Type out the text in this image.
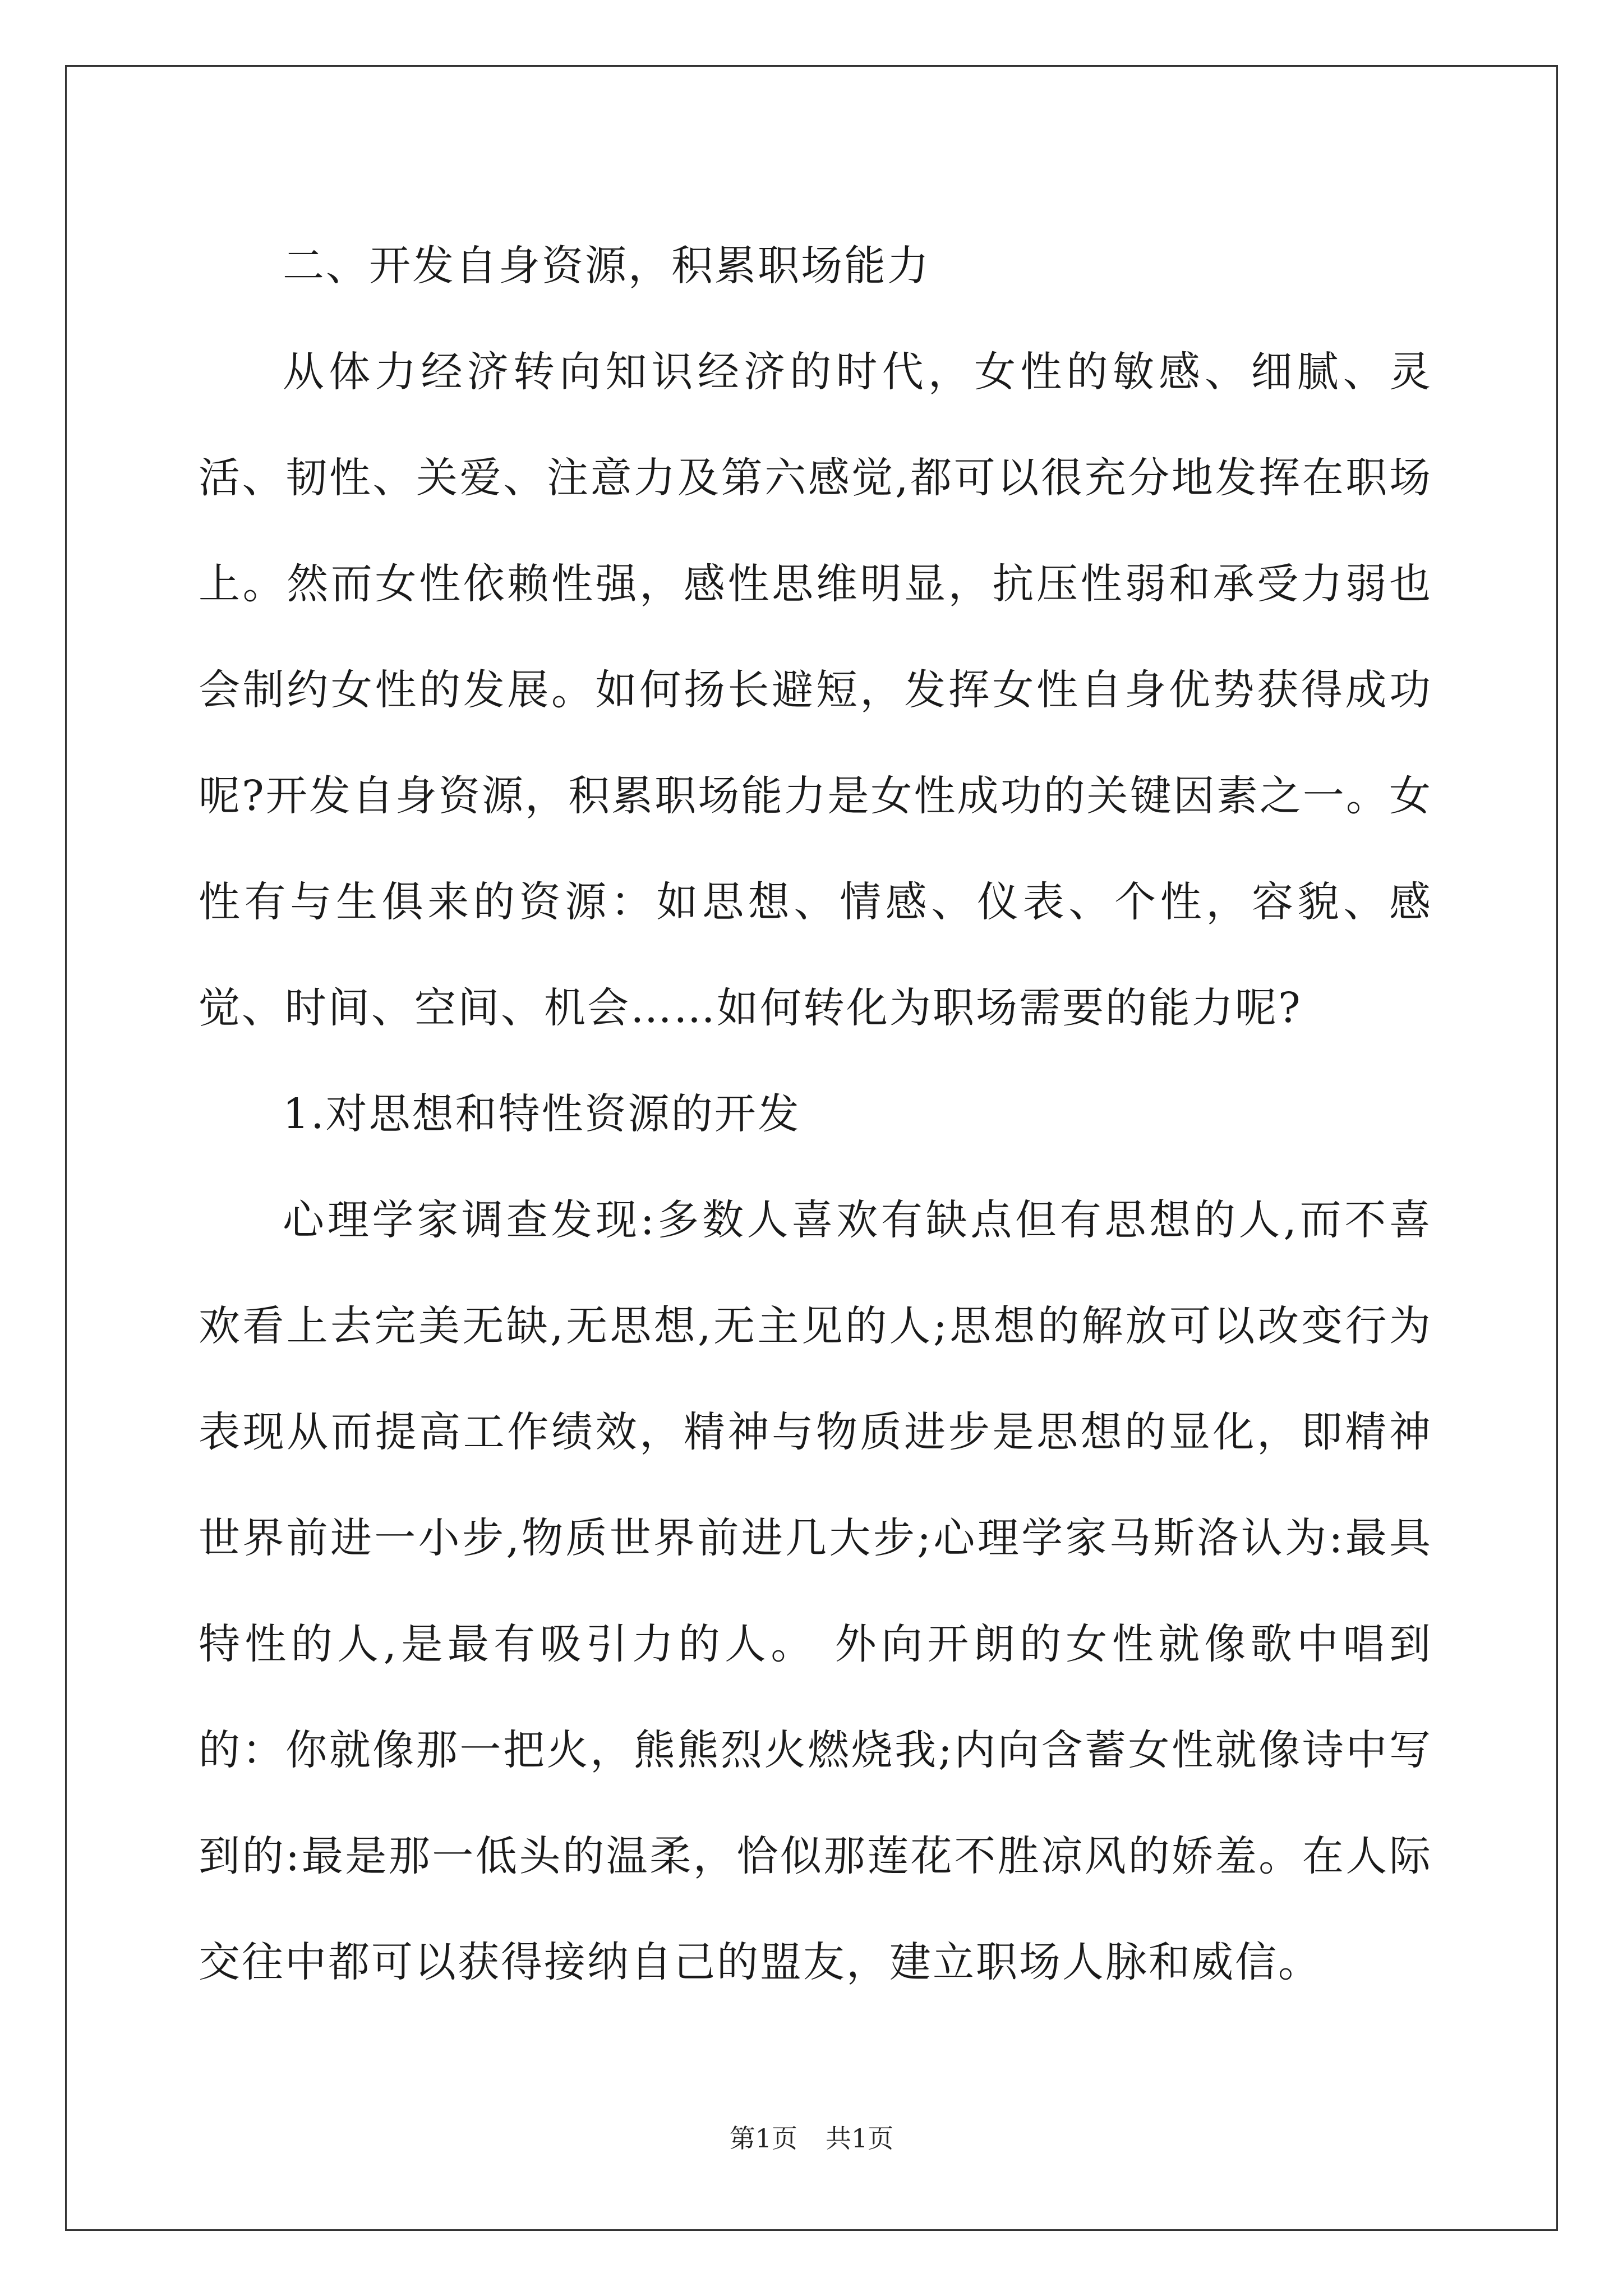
二、开发自身资源，积累职场能力

从体力经济转向知识经济的时代，女性的敏感、细腻、灵活、韧性、关爱、注意力及第六感觉,都可以很充分地发挥在职场上。然而女性依赖性强，感性思维明显，抗压性弱和承受力弱也会制约女性的发展。如何扬长避短，发挥女性自身优势获得成功呢?开发自身资源，积累职场能力是女性成功的关键因素之一。女性有与生俱来的资源：如思想、情感、仪表、个性，容貌、感觉、时间、空间、机会……如何转化为职场需要的能力呢?

1.对思想和特性资源的开发

心理学家调查发现:多数人喜欢有缺点但有思想的人,而不喜欢看上去完美无缺,无思想,无主见的人;思想的解放可以改变行为表现从而提高工作绩效，精神与物质进步是思想的显化，即精神世界前进一小步,物质世界前进几大步;心理学家马斯洛认为:最具特性的人,是最有吸引力的人。 外向开朗的女性就像歌中唱到的：你就像那一把火，熊熊烈火燃烧我;内向含蓄女性就像诗中写到的:最是那一低头的温柔，恰似那莲花不胜凉风的娇羞。在人际交往中都可以获得接纳自己的盟友，建立职场人脉和威信。

第1页 共1页
